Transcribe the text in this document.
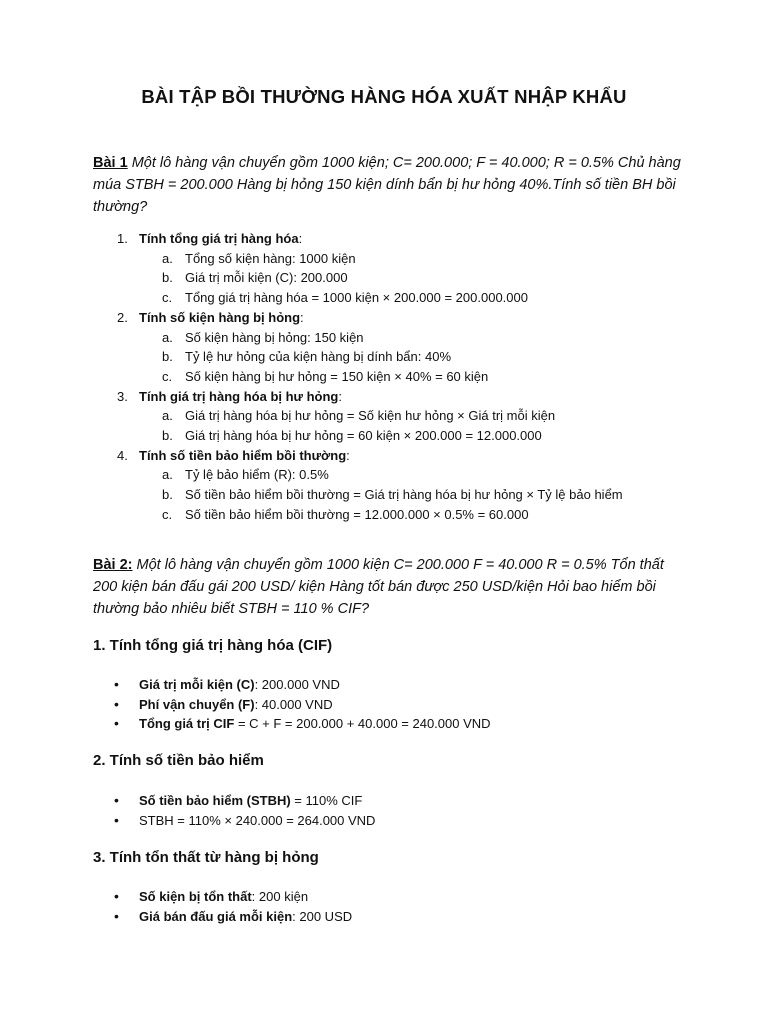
BÀI TẬP BỒI THƯỜNG HÀNG HÓA XUẤT NHẬP KHẨU

Bài 1 Một lô hàng vận chuyển gồm 1000 kiện; C= 200.000; F = 40.000; R = 0.5% Chủ hàng múa STBH = 200.000 Hàng bị hỏng 150 kiện dính bẩn bị hư hỏng 40%.Tính số tiền BH bồi thường?

Tính tổng giá trị hàng hóa:
Tổng số kiện hàng: 1000 kiện
Giá trị mỗi kiện (C): 200.000
Tổng giá trị hàng hóa = 1000 kiện × 200.000 = 200.000.000
Tính số kiện hàng bị hỏng:
Số kiện hàng bị hỏng: 150 kiện
Tỷ lệ hư hỏng của kiện hàng bị dính bẩn: 40%
Số kiện hàng bị hư hỏng = 150 kiện × 40% = 60 kiện
Tính giá trị hàng hóa bị hư hỏng:
Giá trị hàng hóa bị hư hỏng = Số kiện hư hỏng × Giá trị mỗi kiện
Giá trị hàng hóa bị hư hỏng = 60 kiện × 200.000 = 12.000.000
Tính số tiền bảo hiểm bồi thường:
Tỷ lệ bảo hiểm (R): 0.5%
Số tiền bảo hiểm bồi thường = Giá trị hàng hóa bị hư hỏng × Tỷ lệ bảo hiểm
Số tiền bảo hiểm bồi thường = 12.000.000 × 0.5% = 60.000

Bài 2: Một lô hàng vận chuyển gồm 1000 kiện C= 200.000 F = 40.000 R = 0.5% Tổn thất 200 kiện bán đấu gái 200 USD/ kiện Hàng tốt bán được 250 USD/kiện Hỏi bao hiểm bồi thường bảo nhiêu biết STBH = 110 % CIF?

1. Tính tổng giá trị hàng hóa (CIF)
• Giá trị mỗi kiện (C): 200.000 VND
• Phí vận chuyển (F): 40.000 VND
• Tổng giá trị CIF = C + F = 200.000 + 40.000 = 240.000 VND
2. Tính số tiền bảo hiểm
• Số tiền bảo hiểm (STBH) = 110% CIF
• STBH = 110% × 240.000 = 264.000 VND
3. Tính tổn thất từ hàng bị hỏng
• Số kiện bị tổn thất: 200 kiện
• Giá bán đấu giá mỗi kiện: 200 USD
